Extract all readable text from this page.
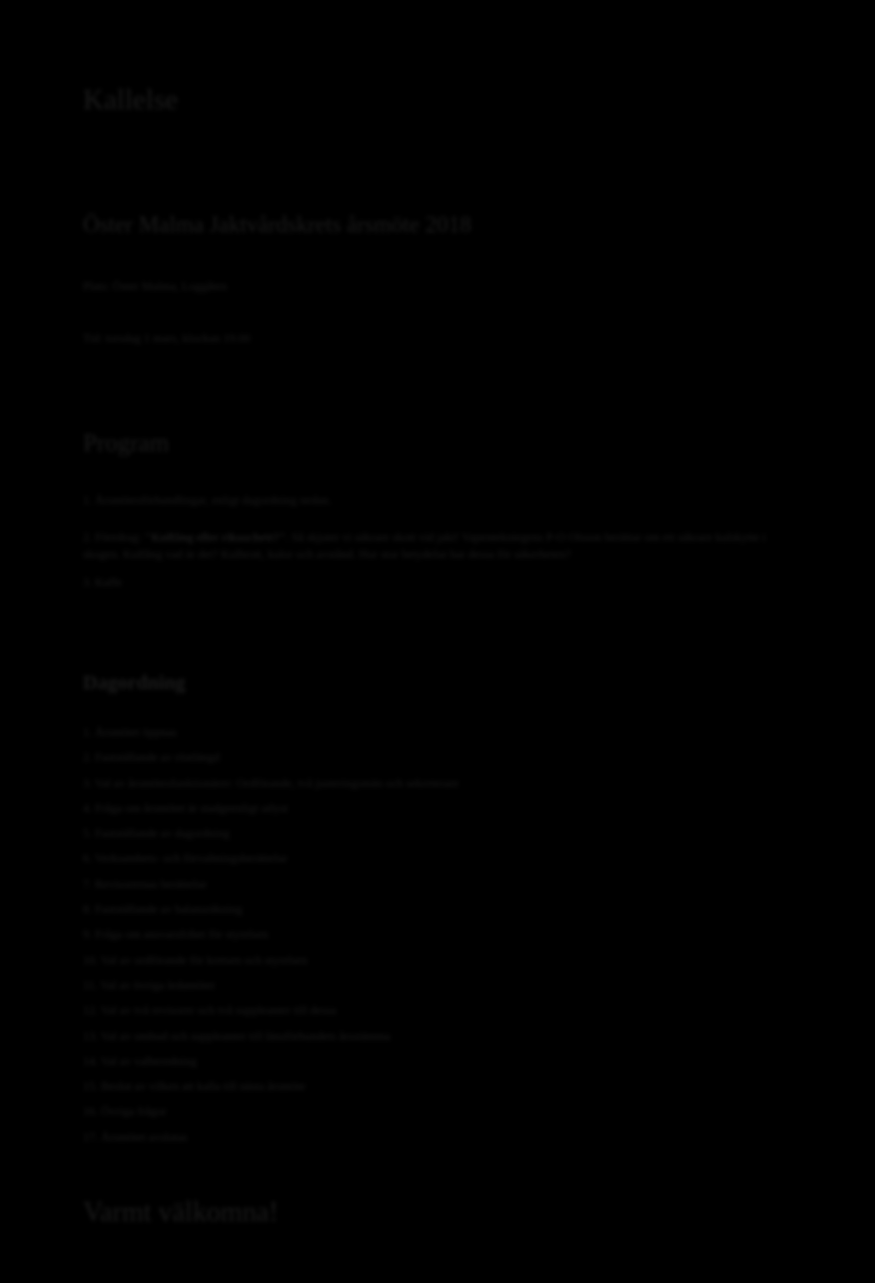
Kallelse
Öster Malma Jaktvårdskrets årsmöte 2018

Plats: Öster Malma, Loggåten

Tid: torsdag 1 mars, klockan 19.00

Program

1. Årsmötesförhandlingar, enligt dagordning nedan.

2. Föredrag: "Kulfång eller rikoschett?". Så skjuter vi säkrare skott vid jakt! Vapentekniegens P-O Olsson berättar om ett säkrare kulskytte i skogen. Kulfång vad är det? Kulbrott, kulor och avstånd. Hur stor betydelse har dessa för säkerheten?

3. Kaffe

Dagordning
1. Årsmötet öppnas
2. Fastställande av röstlängd
3. Val av årsmötesfunktionärer: Ordförande, två justeringsmän och sekreterare
4. Fråga om årsmötet är stadgeenligt utlyst
5. Fastställande av dagordning
6. Verksamhets- och förvaltningsberättelse
7. Revisorernas berättelse
8. Fastställande av balansräkning
9. Fråga om ansvarsfrihet för styrelsen
10. Val av ordförande för kretsen och styrelsen
11. Val av övriga ledamöter
12. Val av två revisorer och två suppleanter till dessa
13. Val av ombud och suppleanter till länsförbundets årsstämma
14. Val av valberedning
15. Beslut av vilken att kalla till nästa årsmöte
16. Övriga frågor
17. Årsmötet avslutas
Varmt välkomna!
